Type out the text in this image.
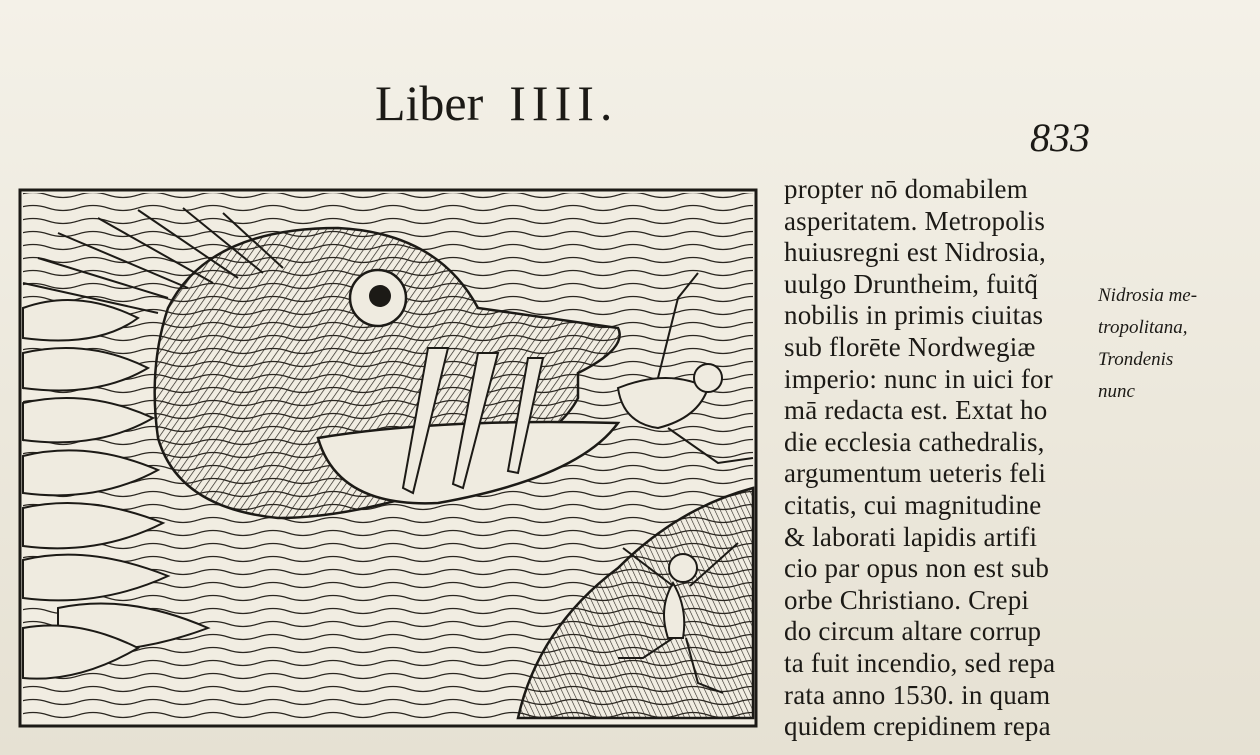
Liber IIII.
833
propter nō domabilem
asperitatem. Metropolis
huiusregni est Nidrosia,
uulgo Druntheim, fuitq̃
nobilis in primis ciuitas
sub florēte Nordwegiæ
imperio: nunc in uici for
mā redacta est. Extat ho
die ecclesia cathedralis,
argumentum ueteris feli
citatis, cui magnitudine
& laborati lapidis artifi
cio par opus non est sub
orbe Christiano. Crepi
do circum altare corrup
ta fuit incendio, sed repa
rata anno 1530. in quam
quidem crepidinem repa
Nidrosia me-
tropolitana,
Trondenis
nunc
